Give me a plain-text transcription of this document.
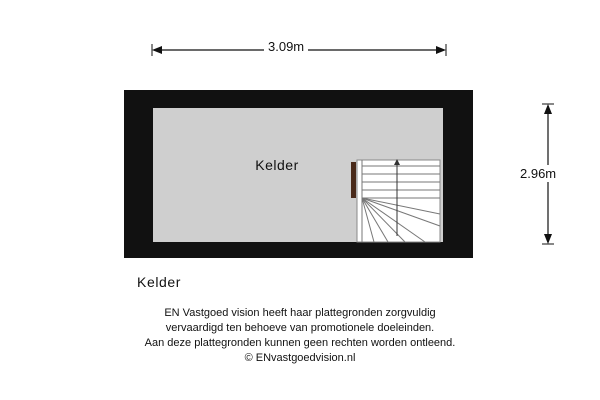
3.09m
2.96m
Kelder
Kelder
EN Vastgoed vision heeft haar plattegronden zorgvuldig
vervaardigd ten behoeve van promotionele doeleinden.
Aan deze plattegronden kunnen geen rechten worden ontleend.
© ENvastgoedvision.nl
